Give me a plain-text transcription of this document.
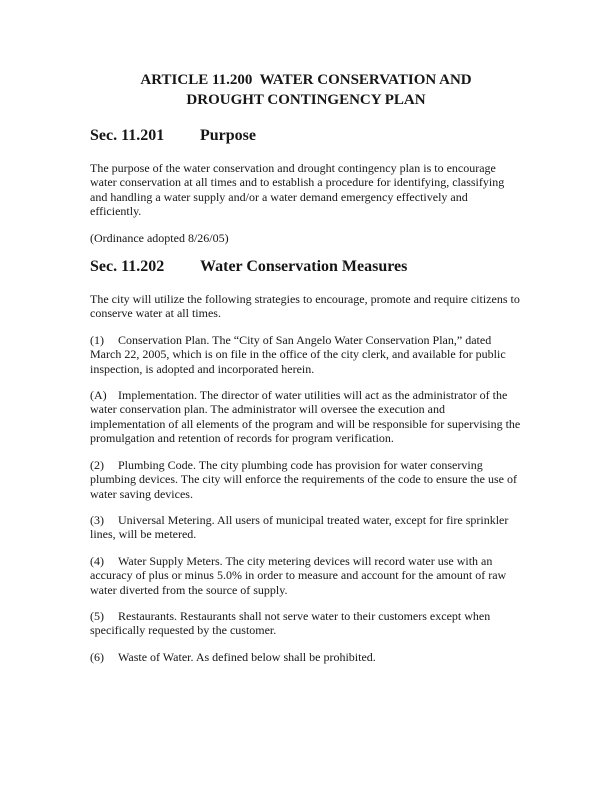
ARTICLE 11.200  WATER CONSERVATION AND
DROUGHT CONTINGENCY PLAN
Sec. 11.201 Purpose

The purpose of the water conservation and drought contingency plan is to encourage water conservation at all times and to establish a procedure for identifying, classifying and handling a water supply and/or a water demand emergency effectively and efficiently.

(Ordinance adopted 8/26/05)

Sec. 11.202 Water Conservation Measures

The city will utilize the following strategies to encourage, promote and require citizens to conserve water at all times.

(1) Conservation Plan. The “City of San Angelo Water Conservation Plan,” dated March 22, 2005, which is on file in the office of the city clerk, and available for public inspection, is adopted and incorporated herein.

(A) Implementation. The director of water utilities will act as the administrator of the water conservation plan. The administrator will oversee the execution and implementation of all elements of the program and will be responsible for supervising the promulgation and retention of records for program verification.

(2) Plumbing Code. The city plumbing code has provision for water conserving plumbing devices. The city will enforce the requirements of the code to ensure the use of water saving devices.

(3) Universal Metering. All users of municipal treated water, except for fire sprinkler lines, will be metered.

(4) Water Supply Meters. The city metering devices will record water use with an accuracy of plus or minus 5.0% in order to measure and account for the amount of raw water diverted from the source of supply.

(5) Restaurants. Restaurants shall not serve water to their customers except when specifically requested by the customer.

(6) Waste of Water. As defined below shall be prohibited.
